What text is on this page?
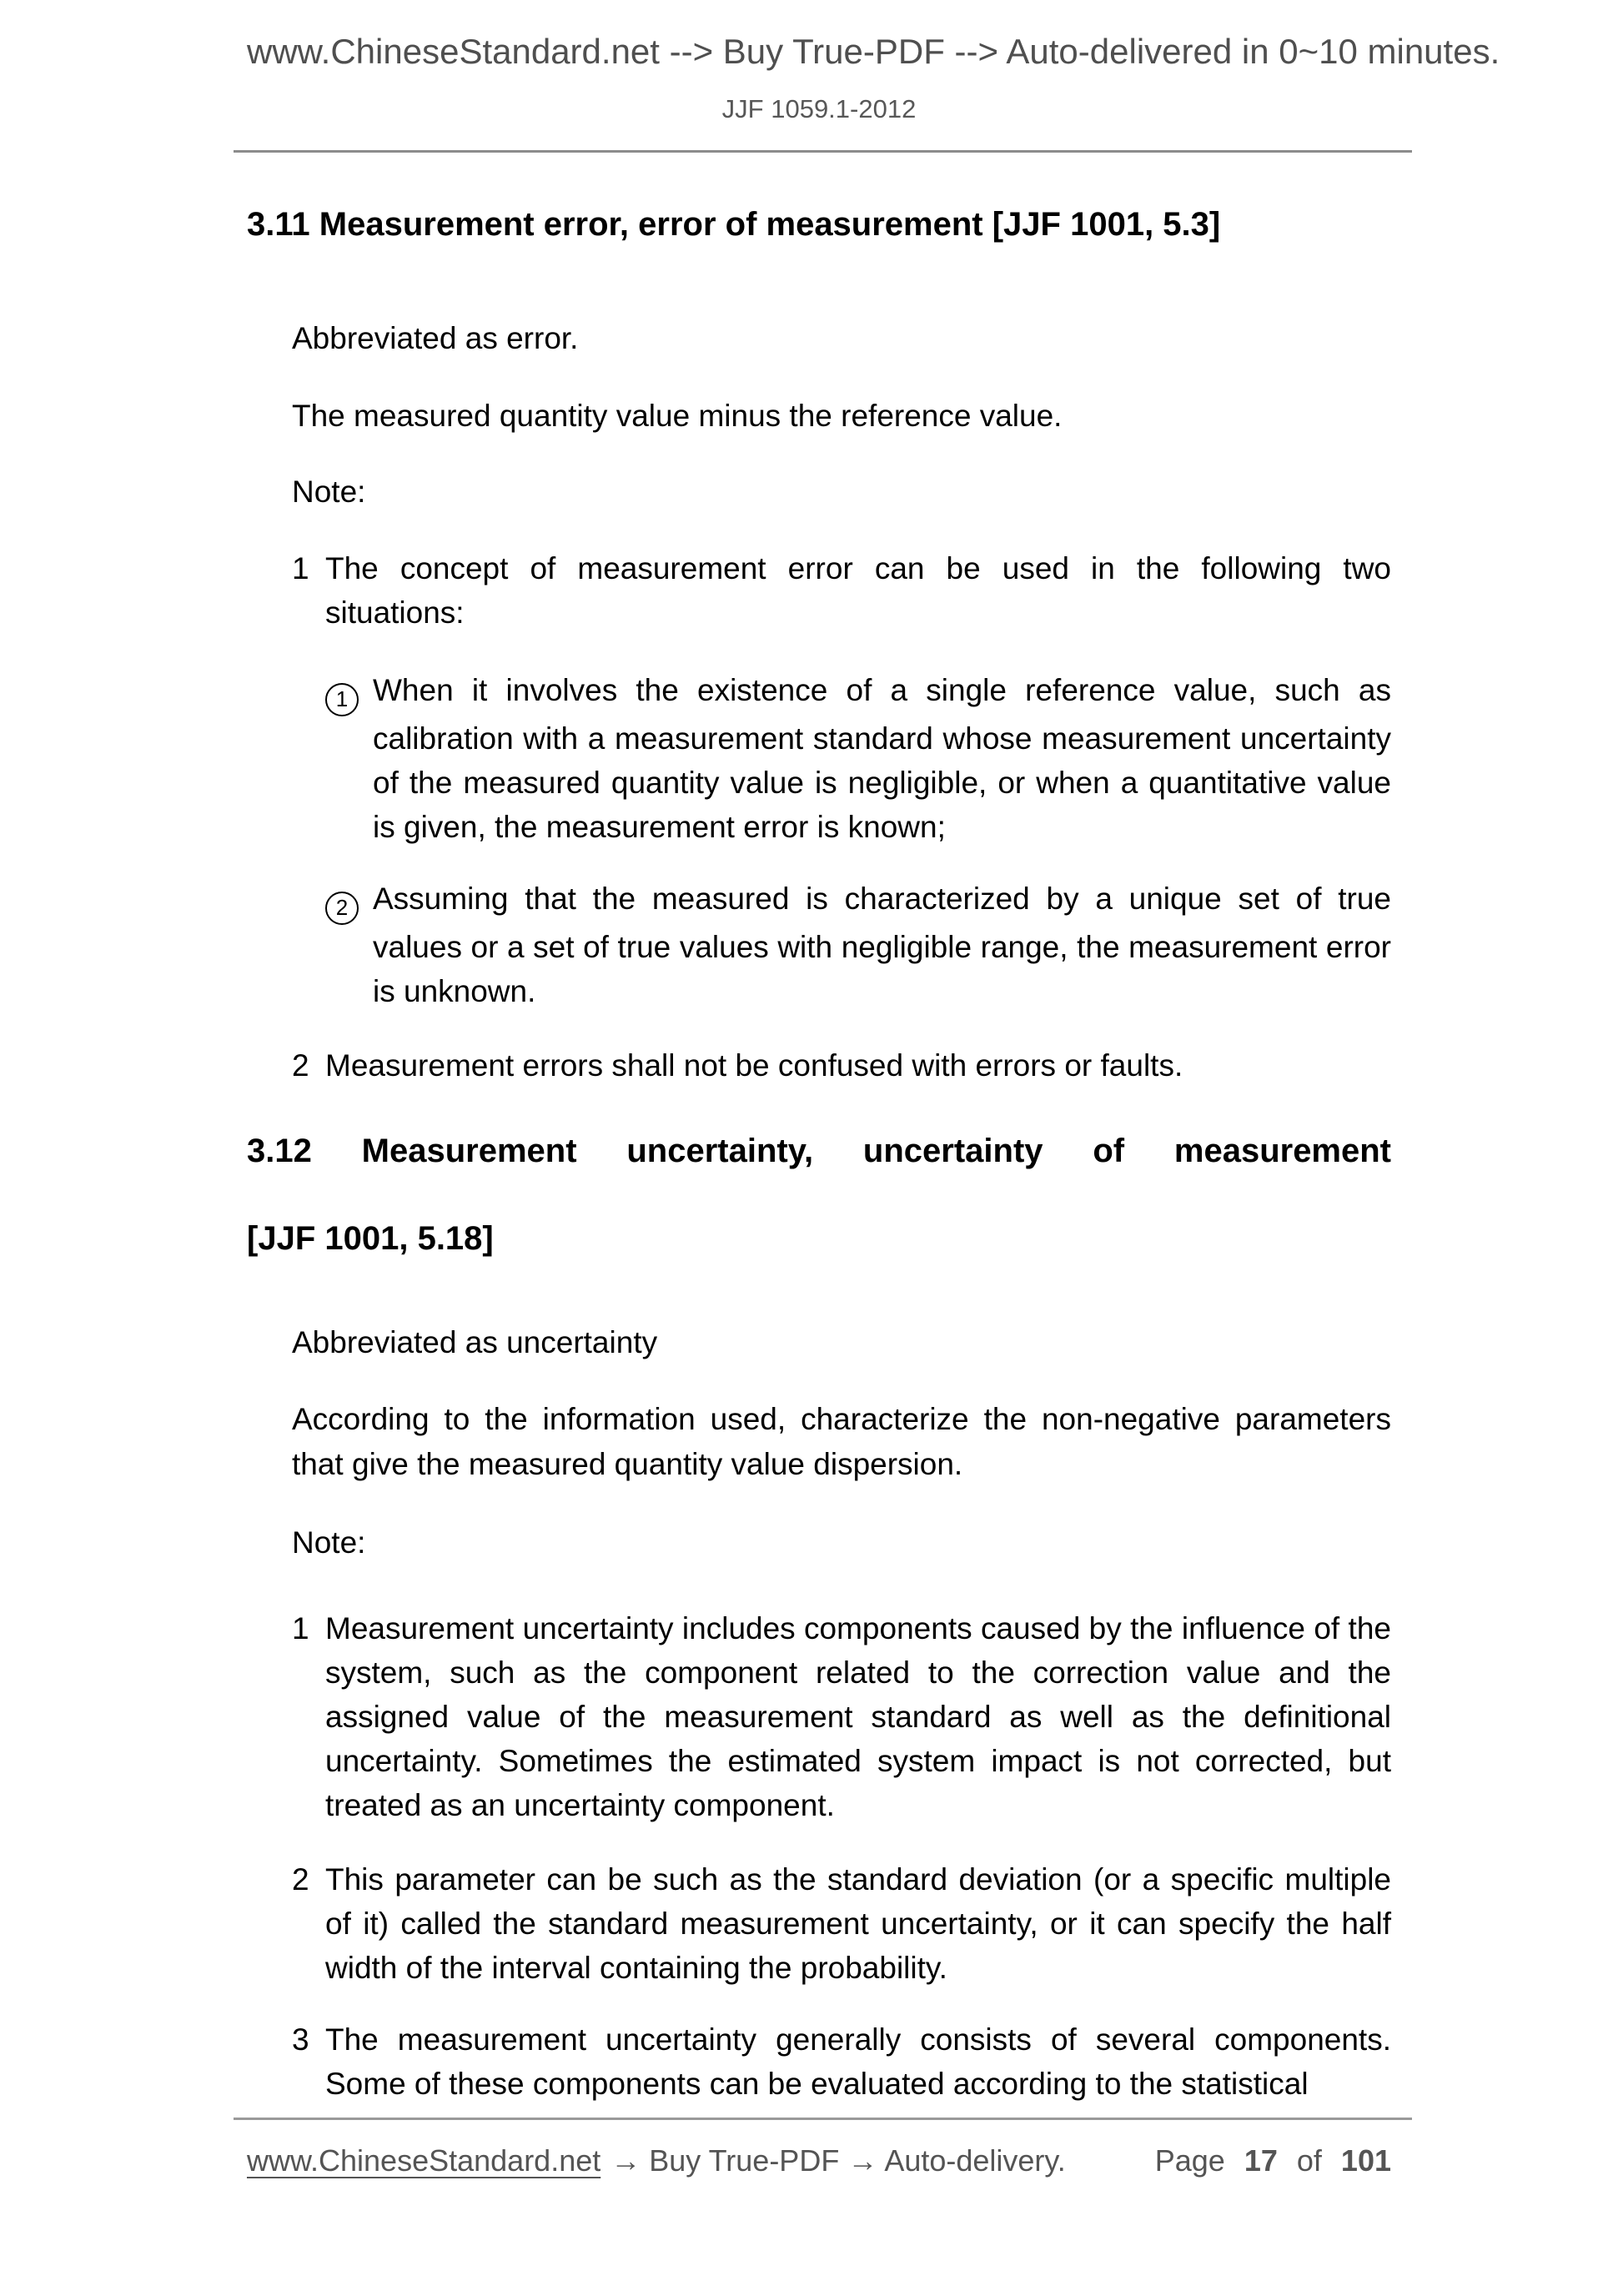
www.ChineseStandard.net --> Buy True-PDF --> Auto-delivered in 0~10 minutes.
JJF 1059.1-2012
3.11 Measurement error, error of measurement [JJF 1001, 5.3]

Abbreviated as error.

The measured quantity value minus the reference value.

Note:

1 The concept of measurement error can be used in the following two situations:
1 When it involves the existence of a single reference value, such as calibration with a measurement standard whose measurement uncertainty of the measured quantity value is negligible, or when a quantitative value is given, the measurement error is known;
2 Assuming that the measured is characterized by a unique set of true values or a set of true values with negligible range, the measurement error is unknown.
2 Measurement errors shall not be confused with errors or faults.
3.12 Measurement uncertainty, uncertainty of measurement
[JJF 1001, 5.18]

Abbreviated as uncertainty

According to the information used, characterize the non-negative parameters that give the measured quantity value dispersion.

Note:

1 Measurement uncertainty includes components caused by the influence of the system, such as the component related to the correction value and the assigned value of the measurement standard as well as the definitional uncertainty. Sometimes the estimated system impact is not corrected, but treated as an uncertainty component.
2 This parameter can be such as the standard deviation (or a specific multiple of it) called the standard measurement uncertainty, or it can specify the half width of the interval containing the probability.
3 The measurement uncertainty generally consists of several components. Some of these components can be evaluated according to the statistical
www.ChineseStandard.net → Buy True-PDF → Auto-delivery.	Page 17 of 101
